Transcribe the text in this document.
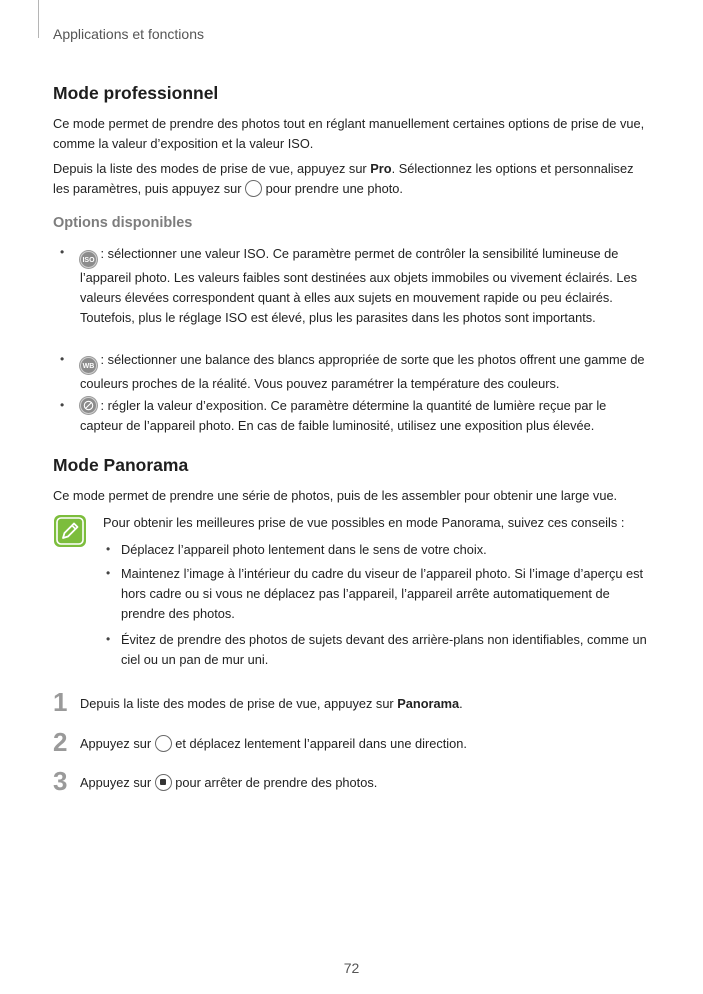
Applications et fonctions
Mode professionnel
Ce mode permet de prendre des photos tout en réglant manuellement certaines options de prise de vue, comme la valeur d’exposition et la valeur ISO.
Depuis la liste des modes de prise de vue, appuyez sur Pro. Sélectionnez les options et personnalisez les paramètres, puis appuyez sur  pour prendre une photo.
Options disponibles
•
ISO : sélectionner une valeur ISO. Ce paramètre permet de contrôler la sensibilité lumineuse de l’appareil photo. Les valeurs faibles sont destinées aux objets immobiles ou vivement éclairés. Les valeurs élevées correspondent quant à elles aux sujets en mouvement rapide ou peu éclairés. Toutefois, plus le réglage ISO est élevé, plus les parasites dans les photos sont importants.
•
WB : sélectionner une balance des blancs appropriée de sorte que les photos offrent une gamme de couleurs proches de la réalité. Vous pouvez paramétrer la température des couleurs.
•	: régler la valeur d’exposition. Ce paramètre détermine la quantité de lumière reçue par le capteur de l’appareil photo. En cas de faible luminosité, utilisez une exposition plus élevée.
Mode Panorama
Ce mode permet de prendre une série de photos, puis de les assembler pour obtenir une large vue.
Pour obtenir les meilleures prise de vue possibles en mode Panorama, suivez ces conseils :
• Déplacez l’appareil photo lentement dans le sens de votre choix.
• Maintenez l’image à l’intérieur du cadre du viseur de l’appareil photo. Si l’image d’aperçu est hors cadre ou si vous ne déplacez pas l’appareil, l’appareil arrête automatiquement de prendre des photos.
• Évitez de prendre des photos de sujets devant des arrière-plans non identifiables, comme un ciel ou un pan de mur uni.
1 Depuis la liste des modes de prise de vue, appuyez sur Panorama.
2 Appuyez sur  et déplacez lentement l’appareil dans une direction.
3 Appuyez sur  pour arrêter de prendre des photos.
72
